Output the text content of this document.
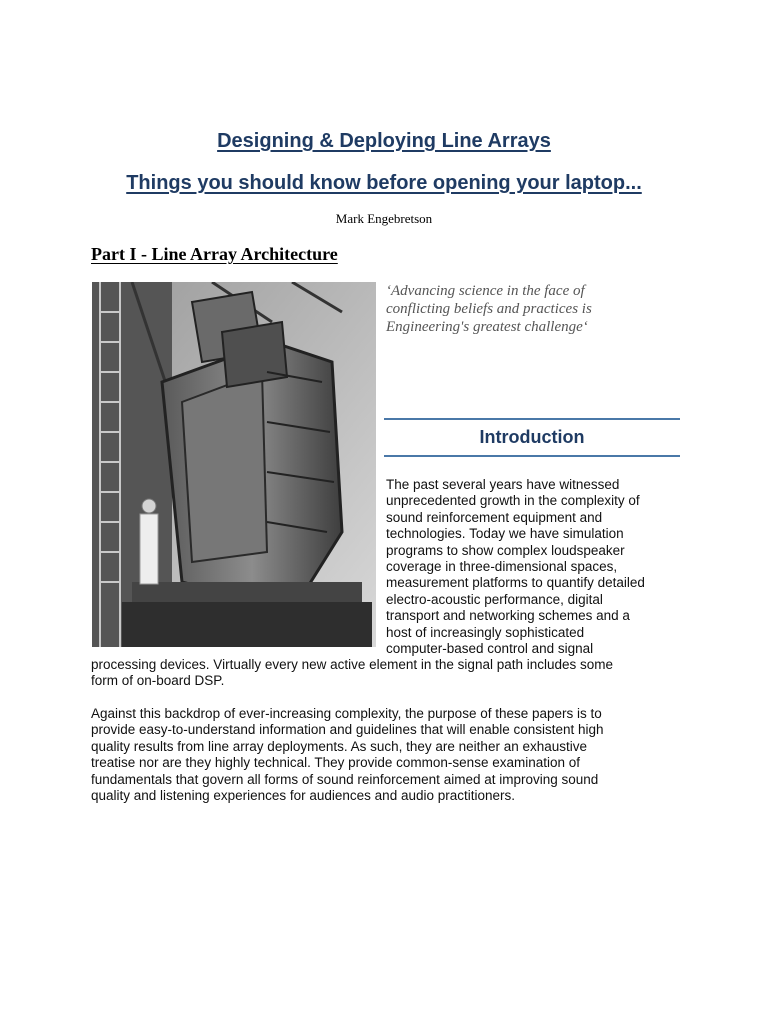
Designing & Deploying Line Arrays
Things you should know before opening your laptop...
Mark Engebretson
Part I - Line Array Architecture
‘Advancing science in the face of
conflicting beliefs and practices is
Engineering's greatest challenge‘
Introduction
The past several years have witnessed
unprecedented growth in the complexity of
sound reinforcement equipment and
technologies. Today we have simulation
programs to show complex loudspeaker
coverage in three-dimensional spaces,
measurement platforms to quantify detailed
electro-acoustic performance, digital
transport and networking schemes and a
host of increasingly sophisticated
computer-based control and signal
processing devices. Virtually every new active element in the signal path includes some
form of on-board DSP.
Against this backdrop of ever-increasing complexity, the purpose of these papers is to
provide easy-to-understand information and guidelines that will enable consistent high
quality results from line array deployments. As such, they are neither an exhaustive
treatise nor are they highly technical. They provide common-sense examination of
fundamentals that govern all forms of sound reinforcement aimed at improving sound
quality and listening experiences for audiences and audio practitioners.
